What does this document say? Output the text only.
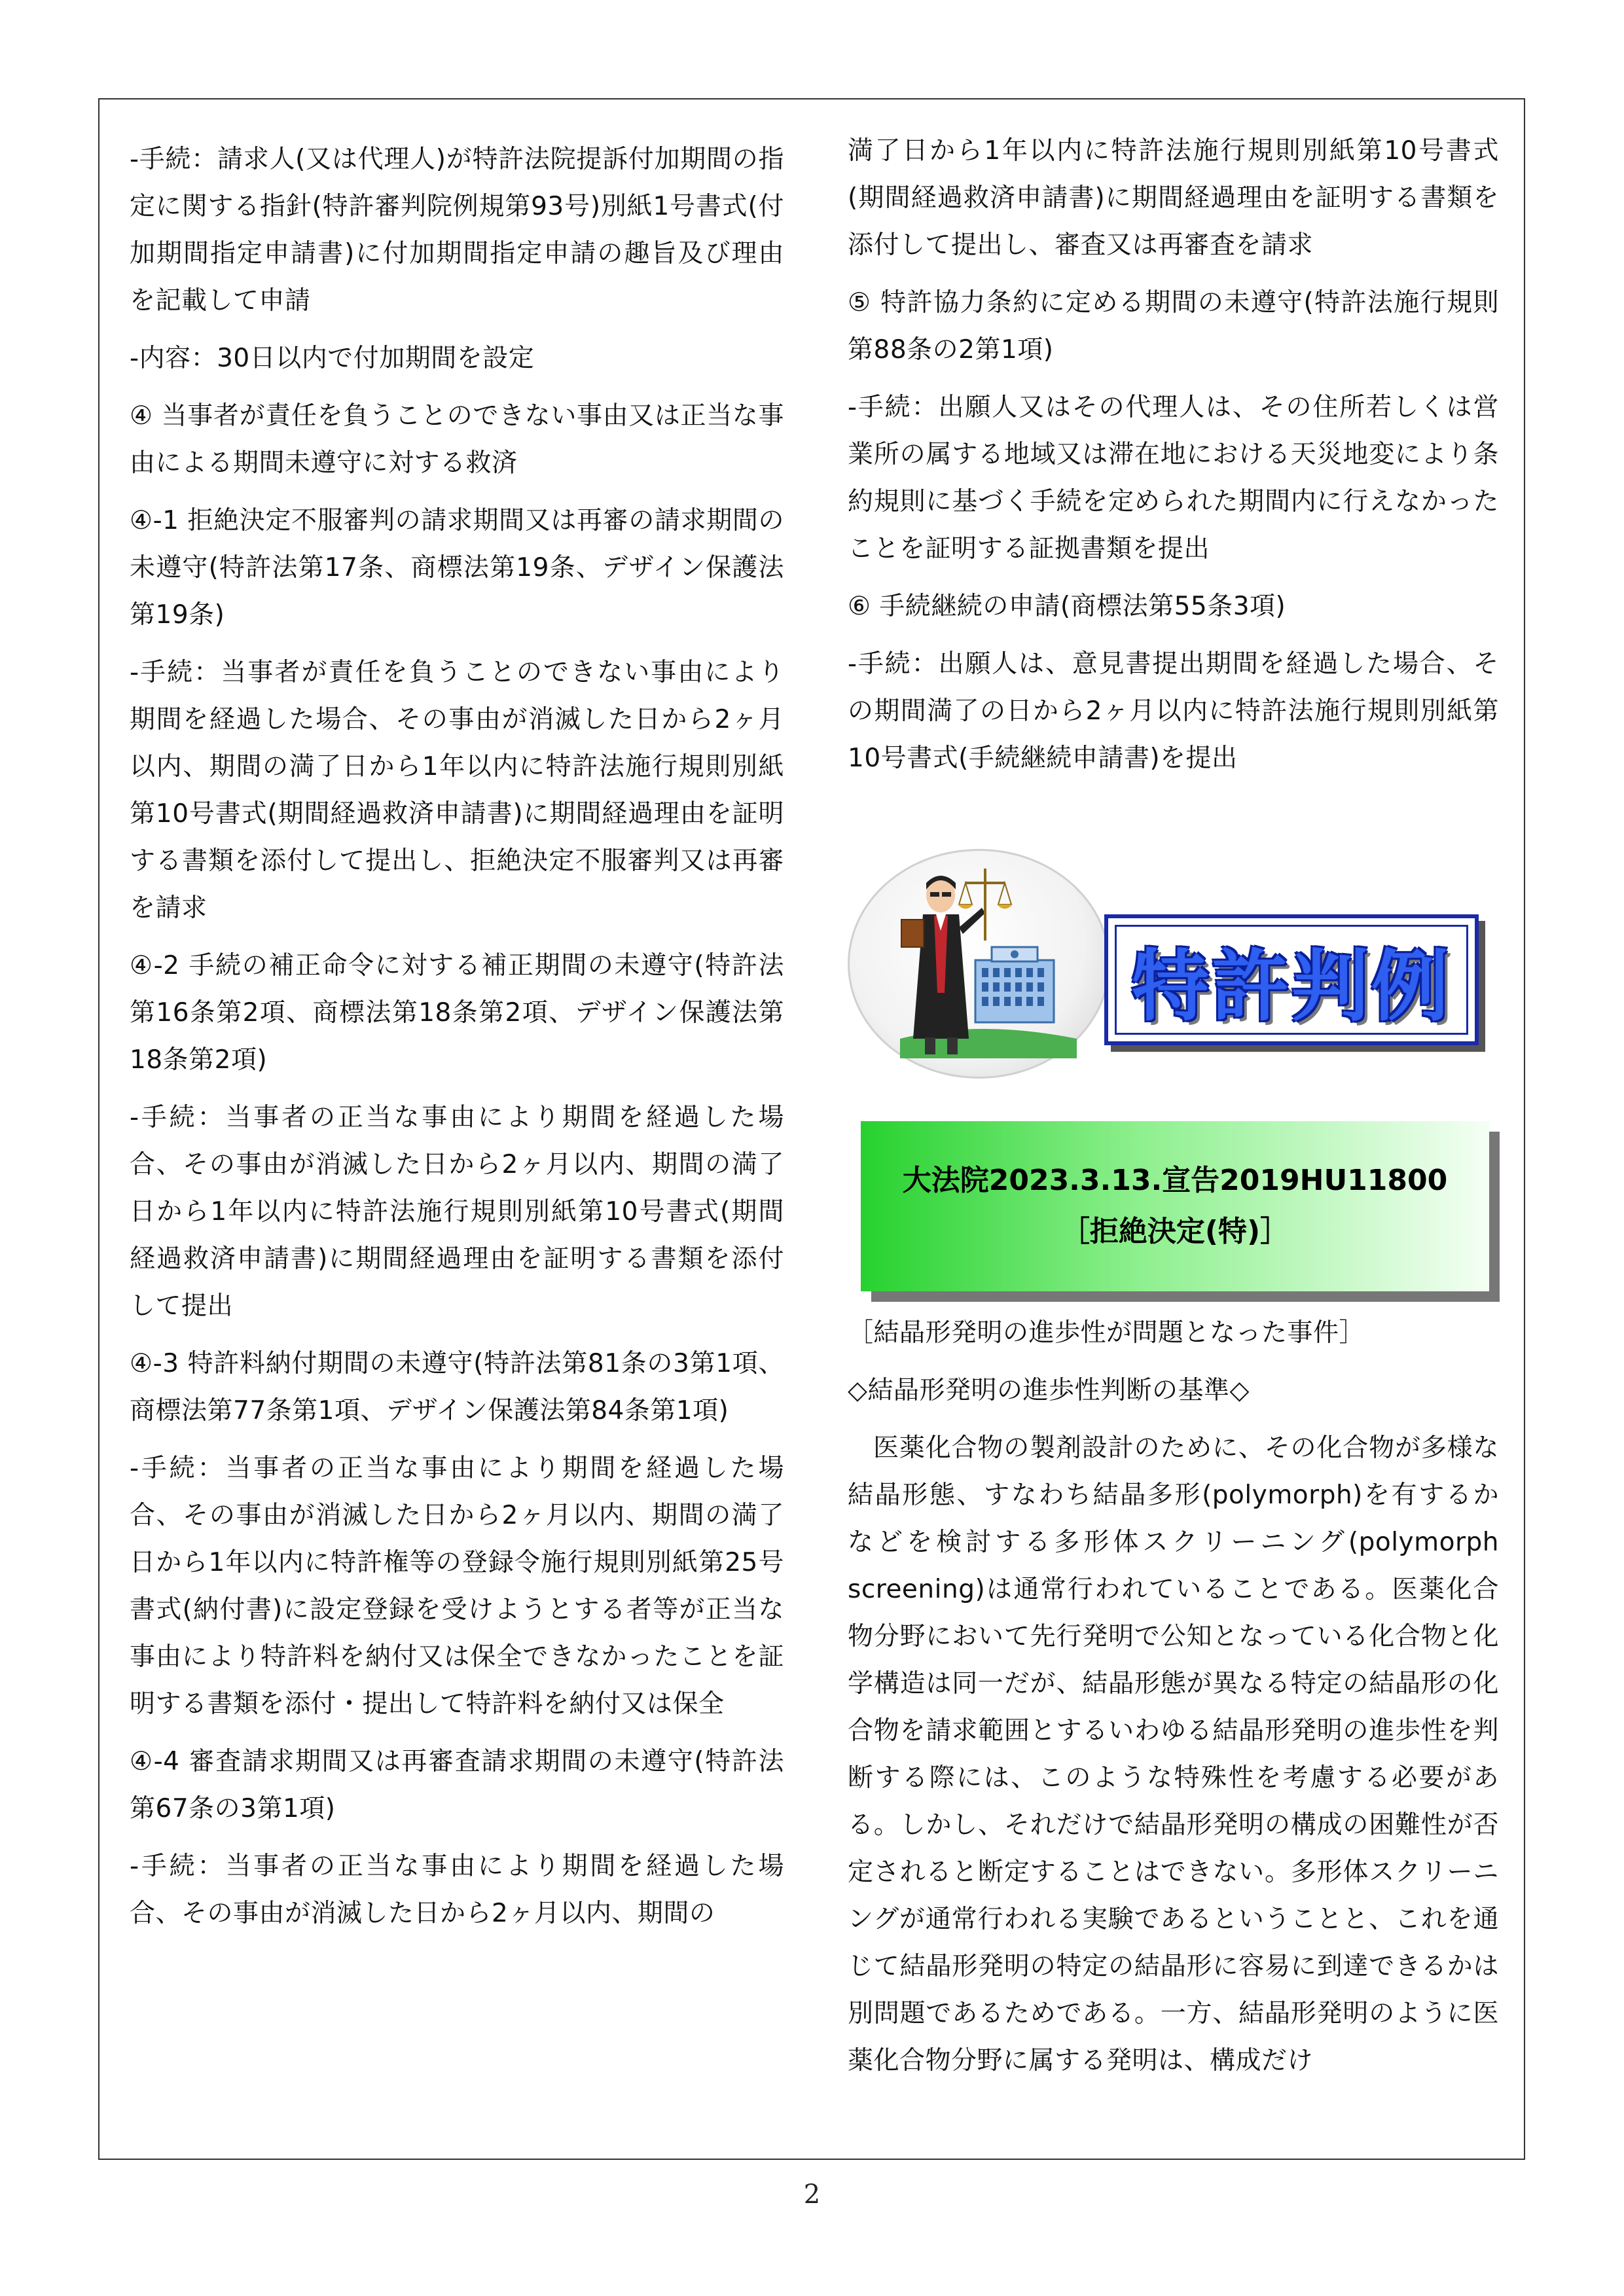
-手続：請求人(又は代理人)が特許法院提訴付加期間の指定に関する指針(特許審判院例規第93号)別紙1号書式(付加期間指定申請書)に付加期間指定申請の趣旨及び理由を記載して申請

-内容：30日以内で付加期間を設定

④ 当事者が責任を負うことのできない事由又は正当な事由による期間未遵守に対する救済

④-1 拒絶決定不服審判の請求期間又は再審の請求期間の未遵守(特許法第17条、商標法第19条、デザイン保護法第19条)

-手続：当事者が責任を負うことのできない事由により期間を経過した場合、その事由が消滅した日から2ヶ月以内、期間の満了日から1年以内に特許法施行規則別紙第10号書式(期間経過救済申請書)に期間経過理由を証明する書類を添付して提出し、拒絶決定不服審判又は再審を請求

④-2 手続の補正命令に対する補正期間の未遵守(特許法第16条第2項、商標法第18条第2項、デザイン保護法第18条第2項)

-手続：当事者の正当な事由により期間を経過した場合、その事由が消滅した日から2ヶ月以内、期間の満了日から1年以内に特許法施行規則別紙第10号書式(期間経過救済申請書)に期間経過理由を証明する書類を添付して提出

④-3 特許料納付期間の未遵守(特許法第81条の3第1項、商標法第77条第1項、デザイン保護法第84条第1項)

-手続：当事者の正当な事由により期間を経過した場合、その事由が消滅した日から2ヶ月以内、期間の満了日から1年以内に特許権等の登録令施行規則別紙第25号書式(納付書)に設定登録を受けようとする者等が正当な事由により特許料を納付又は保全できなかったことを証明する書類を添付・提出して特許料を納付又は保全

④-4 審査請求期間又は再審査請求期間の未遵守(特許法第67条の3第1項)

-手続：当事者の正当な事由により期間を経過した場合、その事由が消滅した日から2ヶ月以内、期間の

満了日から1年以内に特許法施行規則別紙第10号書式(期間経過救済申請書)に期間経過理由を証明する書類を添付して提出し、審査又は再審査を請求

⑤ 特許協力条約に定める期間の未遵守(特許法施行規則第88条の2第1項)

-手続：出願人又はその代理人は、その住所若しくは営業所の属する地域又は滞在地における天災地変により条約規則に基づく手続を定められた期間内に行えなかったことを証明する証拠書類を提出

⑥ 手続継続の申請(商標法第55条3項)

-手続：出願人は、意見書提出期間を経過した場合、その期間満了の日から2ヶ月以内に特許法施行規則別紙第10号書式(手続継続申請書)を提出

特許判例
大法院2023.3.13.宣告2019HU11800
［拒絶決定(特)］

［結晶形発明の進歩性が問題となった事件］

◇結晶形発明の進歩性判断の基準◇

医薬化合物の製剤設計のために、その化合物が多様な結晶形態、すなわち結晶多形(polymorph)を有するかなどを検討する多形体スクリーニング(polymorph screening)は通常行われていることである。医薬化合物分野において先行発明で公知となっている化合物と化学構造は同一だが、結晶形態が異なる特定の結晶形の化合物を請求範囲とするいわゆる結晶形発明の進歩性を判断する際には、このような特殊性を考慮する必要がある。しかし、それだけで結晶形発明の構成の困難性が否定されると断定することはできない。多形体スクリーニングが通常行われる実験であるということと、これを通じて結晶形発明の特定の結晶形に容易に到達できるかは別問題であるためである。一方、結晶形発明のように医薬化合物分野に属する発明は、構成だけ

2
